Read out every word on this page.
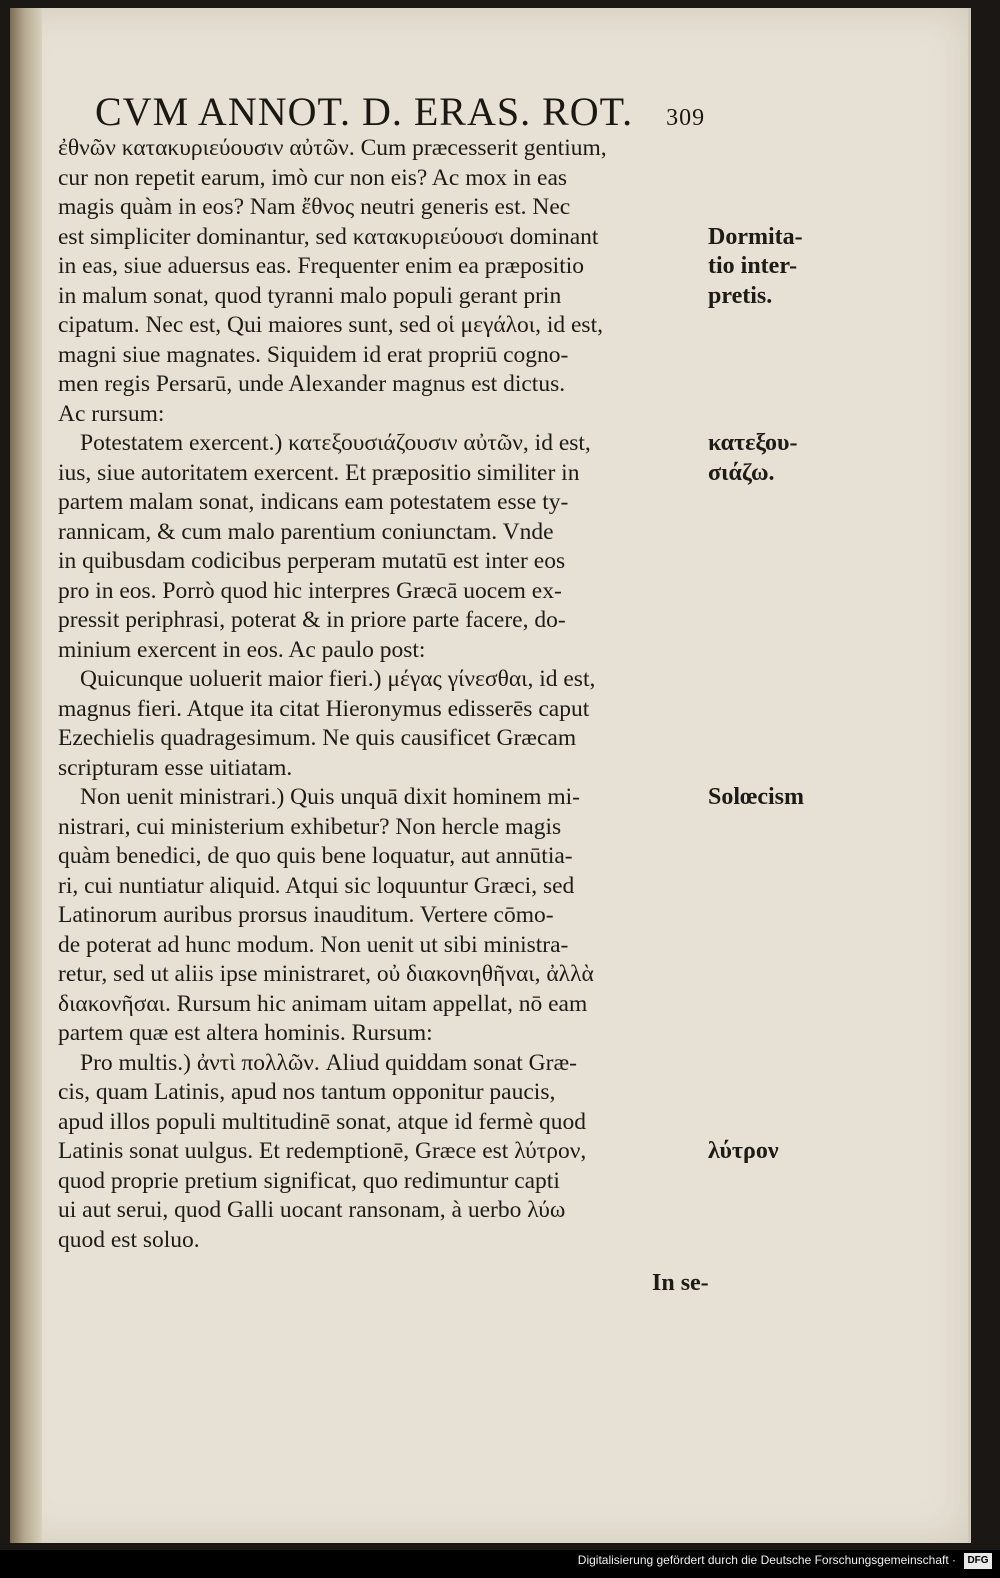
CVM ANNOT. D. ERAS. ROT. 309
ἐθνῶν κατακυριεύουσιν αὐτῶν. Cum præcesserit gentium,
cur non repetit earum, imò cur non eis? Ac mox in eas
magis quàm in eos? Nam ἔθνος neutri generis est. Nec
est simpliciter dominantur, sed κατακυριεύουσι dominant
in eas, siue aduersus eas. Frequenter enim ea præpositio
in malum sonat, quod tyranni malo populi gerant prin
cipatum. Nec est, Qui maiores sunt, sed οἱ μεγάλοι, id est,
magni siue magnates. Siquidem id erat propriū cogno-
men regis Persarū, unde Alexander magnus est dictus.
Ac rursum:
Potestatem exercent.) κατεξουσιάζουσιν αὐτῶν, id est,
ius, siue autoritatem exercent. Et præpositio similiter in
partem malam sonat, indicans eam potestatem esse ty-
rannicam, & cum malo parentium coniunctam. Vnde
in quibusdam codicibus perperam mutatū est inter eos
pro in eos. Porrò quod hic interpres Græcā uocem ex-
pressit periphrasi, poterat & in priore parte facere, do-
minium exercent in eos. Ac paulo post:
Quicunque uoluerit maior fieri.) μέγας γίνεσθαι, id est,
magnus fieri. Atque ita citat Hieronymus edisserēs caput
Ezechielis quadragesimum. Ne quis causificet Græcam
scripturam esse uitiatam.
Non uenit ministrari.) Quis unquā dixit hominem mi-
nistrari, cui ministerium exhibetur? Non hercle magis
quàm benedici, de quo quis bene loquatur, aut annūtia-
ri, cui nuntiatur aliquid. Atqui sic loquuntur Græci, sed
Latinorum auribus prorsus inauditum. Vertere cōmo-
de poterat ad hunc modum. Non uenit ut sibi ministra-
retur, sed ut aliis ipse ministraret, οὐ διακονηθῆναι, ἀλλὰ
διακονῆσαι. Rursum hic animam uitam appellat, nō eam
partem quæ est altera hominis. Rursum:
Pro multis.) ἀντὶ πολλῶν. Aliud quiddam sonat Græ-
cis, quam Latinis, apud nos tantum opponitur paucis,
apud illos populi multitudinē sonat, atque id fermè quod
Latinis sonat uulgus. Et redemptionē, Græce est λύτρον,
quod proprie pretium significat, quo redimuntur capti
ui aut serui, quod Galli uocant ransonam, à uerbo λύω
quod est soluo.
Dormita-
tio inter-
pretis.
κατεξου-
σιάζω.
Solœcism
λύτρον
In se-
Digitalisierung gefördert durch die Deutsche Forschungsgemeinschaft ·	DFG
